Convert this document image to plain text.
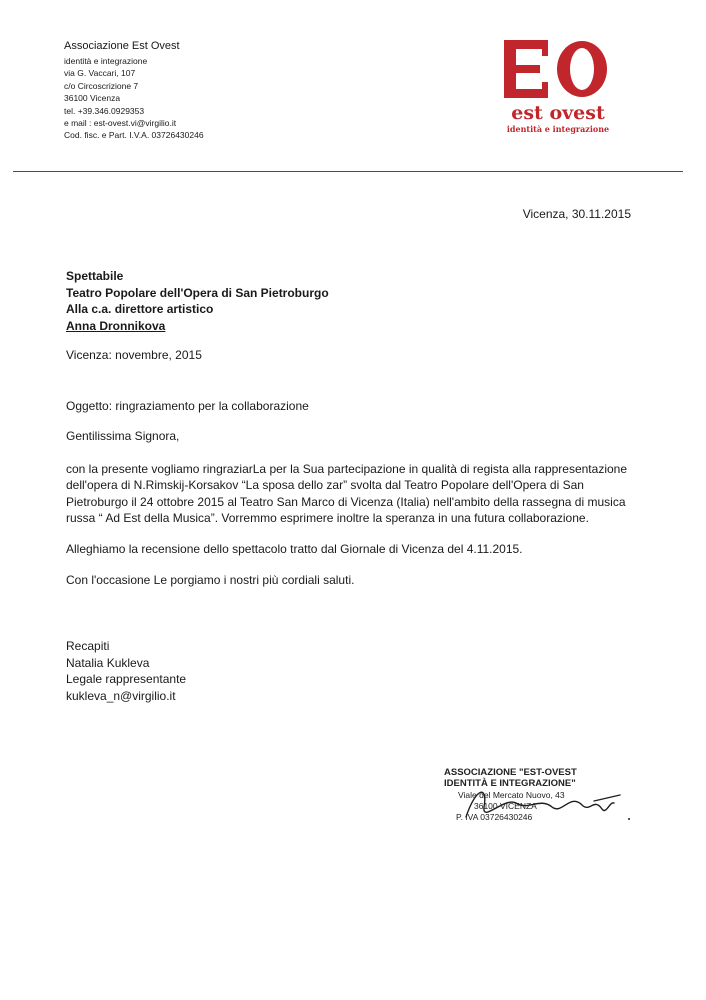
Associazione Est Ovest
identità e integrazione
via G. Vaccari, 107
c/o Circoscrizione 7
36100 Vicenza
tel. +39.346.0929353
e mail : est-ovest.vi@virgilio.it
Cod. fisc. e Part. I.V.A. 03726430246
est ovest
identità e integrazione
Vicenza, 30.11.2015
Spettabile
Teatro Popolare dell'Opera di San Pietroburgo
Alla c.a. direttore artistico
Anna Dronnikova
Vicenza: novembre, 2015
Oggetto: ringraziamento per la collaborazione
Gentilissima Signora,
con la presente vogliamo ringraziarLa per la Sua partecipazione in qualità di regista alla rappresentazione dell'opera di N.Rimskij-Korsakov “La sposa dello zar” svolta dal Teatro Popolare dell'Opera di San Pietroburgo il 24 ottobre 2015 al Teatro San Marco di Vicenza (Italia) nell'ambito della rassegna di musica russa “ Ad Est della Musica”. Vorremmo esprimere inoltre la speranza in una futura collaborazione.
Alleghiamo la recensione dello spettacolo tratto dal Giornale di Vicenza del 4.11.2015.
Con l'occasione Le porgiamo i nostri più cordiali saluti.
Recapiti
Natalia Kukleva
Legale rappresentante
kukleva_n@virgilio.it
ASSOCIAZIONE "EST-OVEST
IDENTITÀ E INTEGRAZIONE"
Viale del Mercato Nuovo, 43
36100 VICENZA
P. IVA 03726430246
